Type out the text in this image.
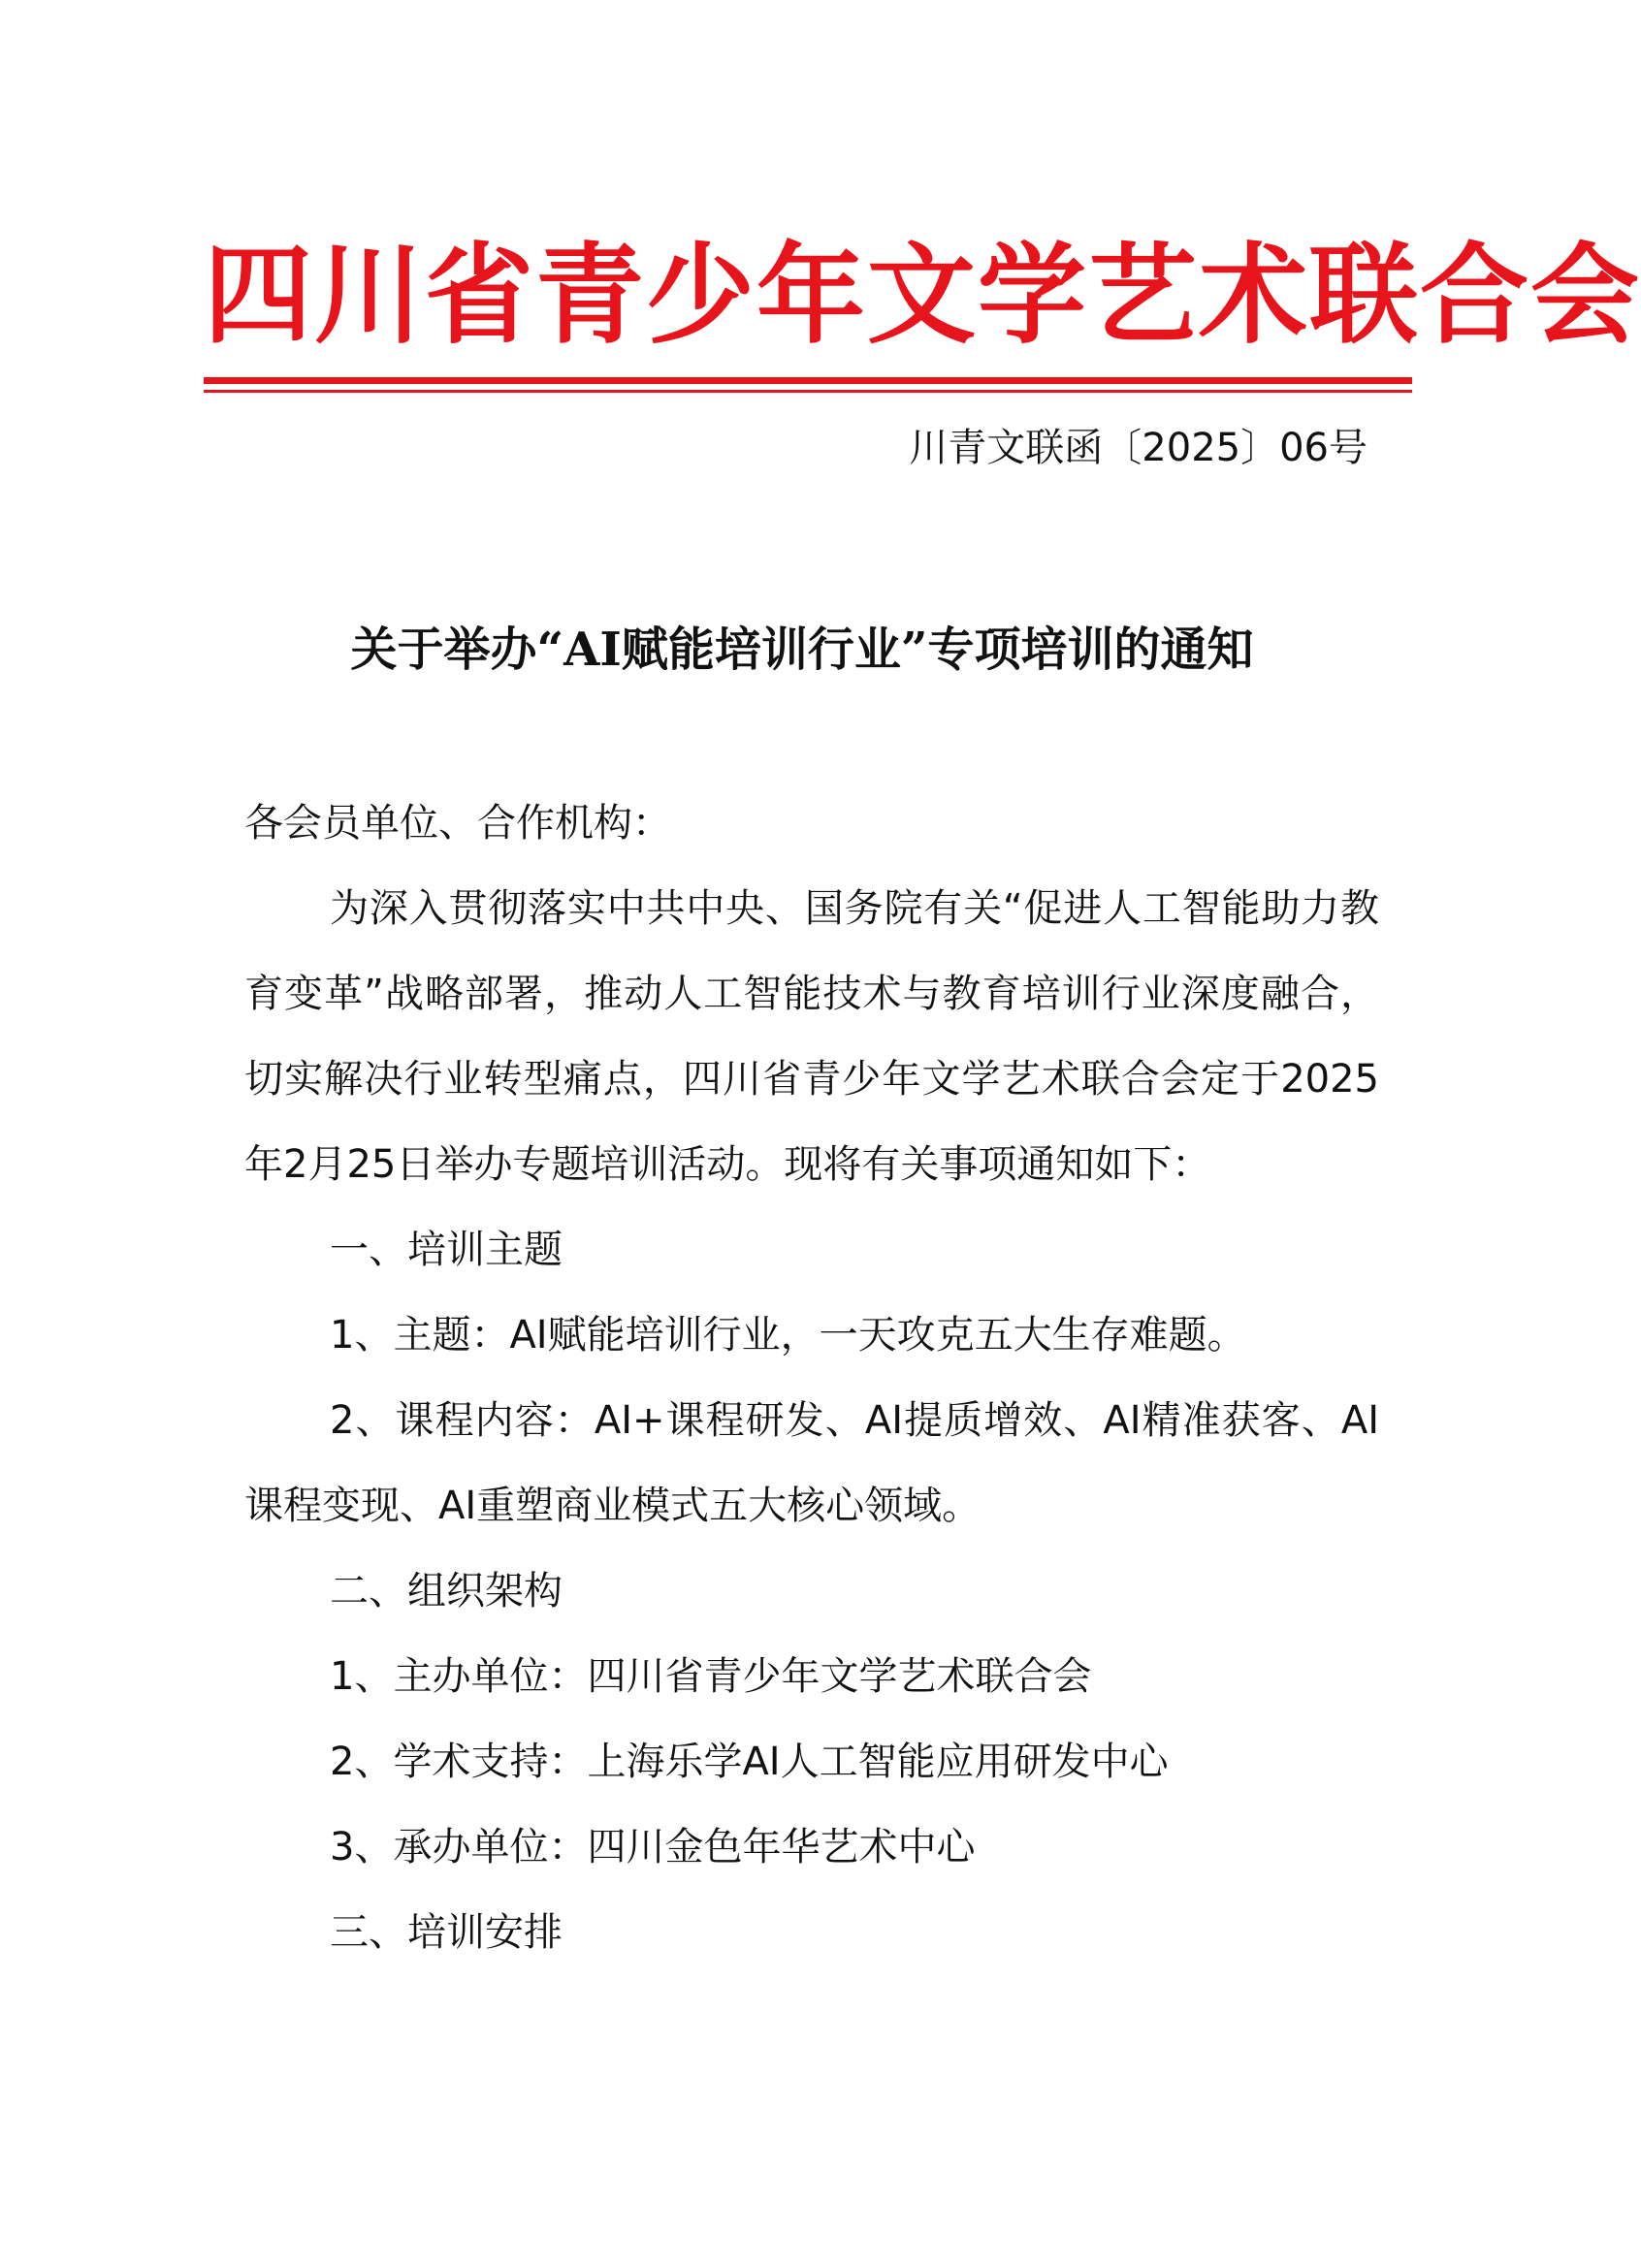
四川省青少年文学艺术联合会
川青文联函〔2025〕06号
关于举办“AI赋能培训行业”专项培训的通知

各会员单位、合作机构：

为深入贯彻落实中共中央、国务院有关“促进人工智能助力教育变革”战略部署，推动人工智能技术与教育培训行业深度融合，切实解决行业转型痛点，四川省青少年文学艺术联合会定于2025年2月25日举办专题培训活动。现将有关事项通知如下：

一、培训主题

1、主题：AI赋能培训行业，一天攻克五大生存难题。

2、课程内容：AI+课程研发、AI提质增效、AI精准获客、AI课程变现、AI重塑商业模式五大核心领域。

二、组织架构

1、主办单位：四川省青少年文学艺术联合会

2、学术支持：上海乐学AI人工智能应用研发中心

3、承办单位：四川金色年华艺术中心

三、培训安排
